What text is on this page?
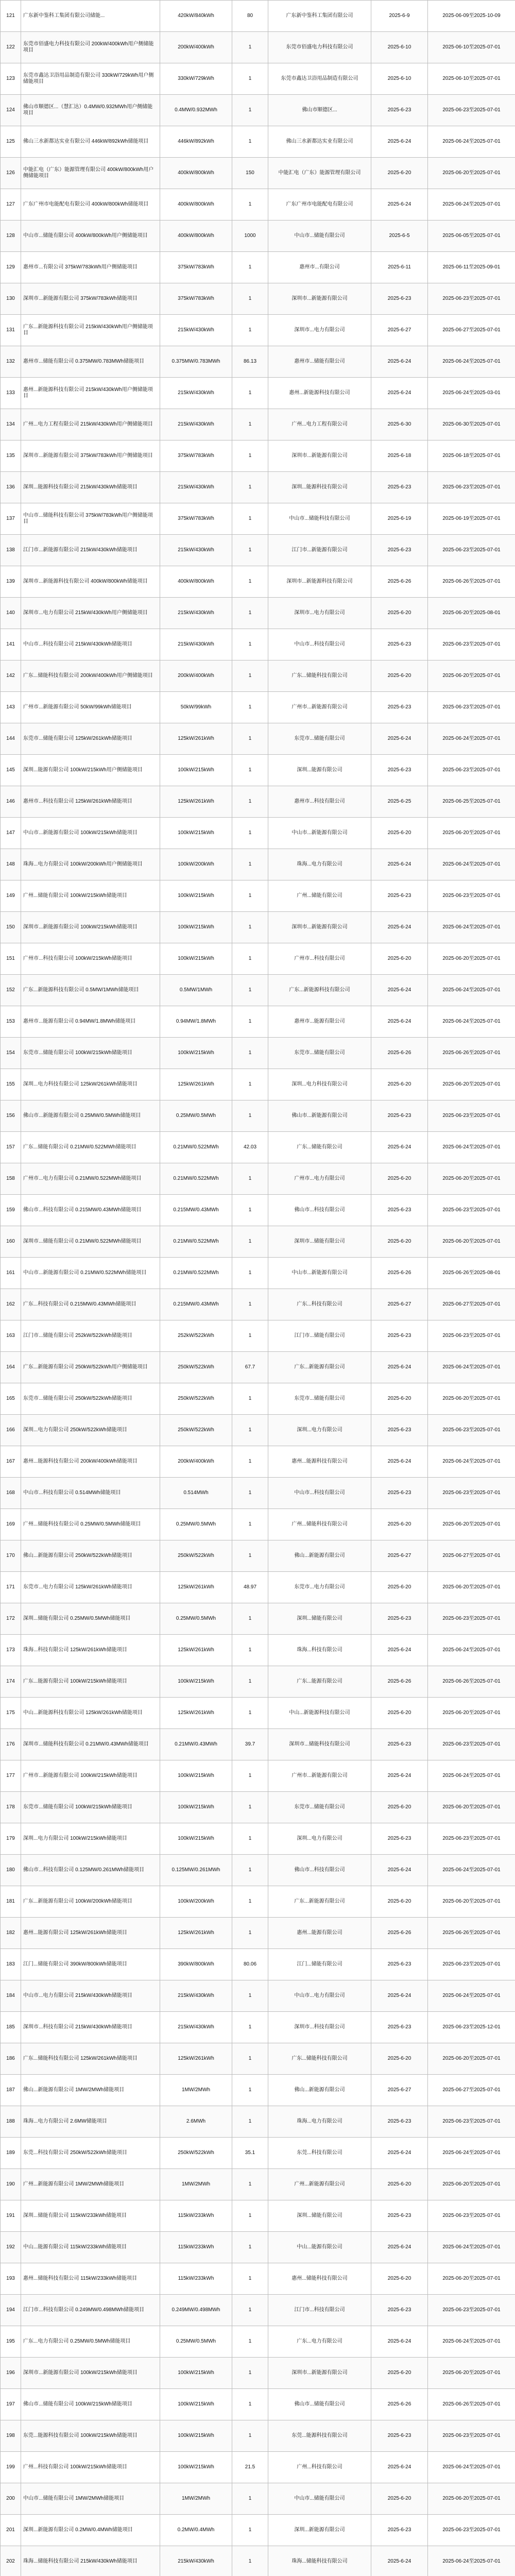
121	广东新中鉴科工集团有限公司储能...	420kW/840kWh	80	广东新中鉴科工集团有限公司	2025-6-9	2025-06-09至2025-10-09
122	东莞市佰盛电力科技有限公司 200kW/400kWh用户侧储能项目	200kW/400kWh	1	东莞市佰盛电力科技有限公司	2025-6-10	2025-06-10至2025-07-01
123	东莞市鑫达卫浴用品制造有限公司 330kW/729kWh用户侧储能项目	330kW/729kWh	1	东莞市鑫达卫浴用品制造有限公司	2025-6-10	2025-06-10至2025-07-01
124	佛山市顺德区...（慧汇达）0.4MW/0.932MWh用户侧储能项目	0.4MW/0.932MWh	1	佛山市顺德区...	2025-6-23	2025-06-23至2025-07-01
125	佛山三水新都达实业有限公司 446kW/892kWh储能项目	446kW/892kWh	1	佛山三水新都达实业有限公司	2025-6-24	2025-06-24至2025-07-01
126	中能汇电（广东）能源管理有限公司 400kW/800kWh用户侧储能项目	400kW/800kWh	150	中能汇电（广东）能源管理有限公司	2025-6-20	2025-06-20至2025-07-01
127	广东广州市电能配电有限公司 400kW/800kWh储能项目	400kW/800kWh	1	广东广州市电能配电有限公司	2025-6-24	2025-06-24至2025-07-01
128	中山市...储能有限公司 400kW/800kWh用户侧储能项目	400kW/800kWh	1000	中山市...储能有限公司	2025-6-5	2025-06-05至2025-07-01
129	惠州市...有限公司 375kW/783kWh用户侧储能项目	375kW/783kWh	1	惠州市...有限公司	2025-6-11	2025-06-11至2025-09-01
130	深圳市...新能源有限公司 375kW/783kWh储能项目	375kW/783kWh	1	深圳市...新能源有限公司	2025-6-23	2025-06-23至2025-07-01
131	广东...新能源科技有限公司 215kW/430kWh用户侧储能项目	215kW/430kWh	1	深圳市...电力有限公司	2025-6-27	2025-06-27至2025-07-01
132	惠州市...储能有限公司 0.375MW/0.783MWh储能项目	0.375MW/0.783MWh	86.13	惠州市...储能有限公司	2025-6-24	2025-06-24至2025-07-01
133	惠州...新能源科技有限公司 215kW/430kWh用户侧储能项目	215kW/430kWh	1	惠州...新能源科技有限公司	2025-6-24	2025-06-24至2025-03-01
134	广州...电力工程有限公司 215kW/430kWh用户侧储能项目	215kW/430kWh	1	广州...电力工程有限公司	2025-6-30	2025-06-30至2025-07-01
135	深圳市...新能源有限公司 375kW/783kWh用户侧储能项目	375kW/783kWh	1	深圳市...新能源有限公司	2025-6-18	2025-06-18至2025-07-01
136	深圳...能源科技有限公司 215kW/430kWh储能项目	215kW/430kWh	1	深圳...能源科技有限公司	2025-6-23	2025-06-23至2025-07-01
137	中山市...储能科技有限公司 375kW/783kWh用户侧储能项目	375kW/783kWh	1	中山市...储能科技有限公司	2025-6-19	2025-06-19至2025-07-01
138	江门市...新能源有限公司 215kW/430kWh储能项目	215kW/430kWh	1	江门市...新能源有限公司	2025-6-23	2025-06-23至2025-07-01
139	深圳市...新能源科技有限公司 400kW/800kWh储能项目	400kW/800kWh	1	深圳市...新能源科技有限公司	2025-6-26	2025-06-26至2025-07-01
140	深圳市...电力有限公司 215kW/430kWh用户侧储能项目	215kW/430kWh	1	深圳市...电力有限公司	2025-6-20	2025-06-20至2025-08-01
141	中山市...科技有限公司 215kW/430kWh储能项目	215kW/430kWh	1	中山市...科技有限公司	2025-6-23	2025-06-23至2025-07-01
142	广东...储能科技有限公司 200kW/400kWh用户侧储能项目	200kW/400kWh	1	广东...储能科技有限公司	2025-6-20	2025-06-20至2025-07-01
143	广州市...新能源有限公司 50kW/99kWh储能项目	50kW/99kWh	1	广州市...新能源有限公司	2025-6-23	2025-06-23至2025-07-01
144	东莞市...储能有限公司 125kW/261kWh储能项目	125kW/261kWh	1	东莞市...储能有限公司	2025-6-24	2025-06-24至2025-07-01
145	深圳...能源有限公司 100kW/215kWh用户侧储能项目	100kW/215kWh	1	深圳...能源有限公司	2025-6-23	2025-06-23至2025-07-01
146	惠州市...科技有限公司 125kW/261kWh储能项目	125kW/261kWh	1	惠州市...科技有限公司	2025-6-25	2025-06-25至2025-07-01
147	中山市...新能源有限公司 100kW/215kWh储能项目	100kW/215kWh	1	中山市...新能源有限公司	2025-6-20	2025-06-20至2025-07-01
148	珠海...电力有限公司 100kW/200kWh用户侧储能项目	100kW/200kWh	1	珠海...电力有限公司	2025-6-24	2025-06-24至2025-07-01
149	广州...储能有限公司 100kW/215kWh储能项目	100kW/215kWh	1	广州...储能有限公司	2025-6-23	2025-06-23至2025-07-01
150	深圳市...新能源有限公司 100kW/215kWh储能项目	100kW/215kWh	1	深圳市...新能源有限公司	2025-6-24	2025-06-24至2025-07-01
151	广州市...科技有限公司 100kW/215kWh储能项目	100kW/215kWh	1	广州市...科技有限公司	2025-6-20	2025-06-20至2025-07-01
152	广东...新能源科技有限公司 0.5MW/1MWh储能项目	0.5MW/1MWh	1	广东...新能源科技有限公司	2025-6-24	2025-06-24至2025-07-01
153	惠州市...能源有限公司 0.94MW/1.8MWh储能项目	0.94MW/1.8MWh	1	惠州市...能源有限公司	2025-6-24	2025-06-24至2025-07-01
154	东莞市...储能有限公司 100kW/215kWh储能项目	100kW/215kWh	1	东莞市...储能有限公司	2025-6-26	2025-06-26至2025-07-01
155	深圳...电力科技有限公司 125kW/261kWh储能项目	125kW/261kWh	1	深圳...电力科技有限公司	2025-6-20	2025-06-20至2025-07-01
156	佛山市...新能源有限公司 0.25MW/0.5MWh储能项目	0.25MW/0.5MWh	1	佛山市...新能源有限公司	2025-6-23	2025-06-23至2025-07-01
157	广东...储能有限公司 0.21MW/0.522MWh储能项目	0.21MW/0.522MWh	42.03	广东...储能有限公司	2025-6-24	2025-06-24至2025-07-01
158	广州市...电力有限公司 0.21MW/0.522MWh储能项目	0.21MW/0.522MWh	1	广州市...电力有限公司	2025-6-20	2025-06-20至2025-07-01
159	佛山市...科技有限公司 0.215MW/0.43MWh储能项目	0.215MW/0.43MWh	1	佛山市...科技有限公司	2025-6-23	2025-06-23至2025-07-01
160	深圳市...储能有限公司 0.21MW/0.522MWh储能项目	0.21MW/0.522MWh	1	深圳市...储能有限公司	2025-6-20	2025-06-20至2025-07-01
161	中山市...新能源有限公司 0.21MW/0.522MWh储能项目	0.21MW/0.522MWh	1	中山市...新能源有限公司	2025-6-26	2025-06-26至2025-08-01
162	广东...科技有限公司 0.215MW/0.43MWh储能项目	0.215MW/0.43MWh	1	广东...科技有限公司	2025-6-27	2025-06-27至2025-07-01
163	江门市...储能有限公司 252kW/522kWh储能项目	252kW/522kWh	1	江门市...储能有限公司	2025-6-23	2025-06-23至2025-07-01
164	广东...新能源有限公司 250kW/522kWh用户侧储能项目	250kW/522kWh	67.7	广东...新能源有限公司	2025-6-24	2025-06-24至2025-07-01
165	东莞市...储能有限公司 250kW/522kWh储能项目	250kW/522kWh	1	东莞市...储能有限公司	2025-6-20	2025-06-20至2025-07-01
166	深圳...电力有限公司 250kW/522kWh储能项目	250kW/522kWh	1	深圳...电力有限公司	2025-6-23	2025-06-23至2025-07-01
167	惠州...能源科技有限公司 200kW/400kWh储能项目	200kW/400kWh	1	惠州...能源科技有限公司	2025-6-24	2025-06-24至2025-07-01
168	中山市...科技有限公司 0.514MWh储能项目	0.514MWh	1	中山市...科技有限公司	2025-6-23	2025-06-23至2025-07-01
169	广州...储能科技有限公司 0.25MW/0.5MWh储能项目	0.25MW/0.5MWh	1	广州...储能科技有限公司	2025-6-20	2025-06-20至2025-07-01
170	佛山...新能源有限公司 250kW/522kWh储能项目	250kW/522kWh	1	佛山...新能源有限公司	2025-6-27	2025-06-27至2025-07-01
171	东莞市...电力有限公司 125kW/261kWh储能项目	125kW/261kWh	48.97	东莞市...电力有限公司	2025-6-20	2025-06-20至2025-07-01
172	深圳...储能有限公司 0.25MW/0.5MWh储能项目	0.25MW/0.5MWh	1	深圳...储能有限公司	2025-6-23	2025-06-23至2025-07-01
173	珠海...科技有限公司 125kW/261kWh储能项目	125kW/261kWh	1	珠海...科技有限公司	2025-6-24	2025-06-24至2025-07-01
174	广东...能源有限公司 100kW/215kWh储能项目	100kW/215kWh	1	广东...能源有限公司	2025-6-26	2025-06-26至2025-07-01
175	中山...新能源科技有限公司 125kW/261kWh储能项目	125kW/261kWh	1	中山...新能源科技有限公司	2025-6-20	2025-06-20至2025-07-01
176	深圳市...储能科技有限公司 0.21MW/0.43MWh储能项目	0.21MW/0.43MWh	39.7	深圳市...储能科技有限公司	2025-6-23	2025-06-23至2025-07-01
177	广州市...新能源有限公司 100kW/215kWh储能项目	100kW/215kWh	1	广州市...新能源有限公司	2025-6-24	2025-06-24至2025-07-01
178	东莞市...储能有限公司 100kW/215kWh储能项目	100kW/215kWh	1	东莞市...储能有限公司	2025-6-20	2025-06-20至2025-07-01
179	深圳...电力有限公司 100kW/215kWh储能项目	100kW/215kWh	1	深圳...电力有限公司	2025-6-23	2025-06-23至2025-07-01
180	佛山市...科技有限公司 0.125MW/0.261MWh储能项目	0.125MW/0.261MWh	1	佛山市...科技有限公司	2025-6-24	2025-06-24至2025-07-01
181	广东...新能源有限公司 100kW/200kWh储能项目	100kW/200kWh	1	广东...新能源有限公司	2025-6-20	2025-06-20至2025-07-01
182	惠州...能源有限公司 125kW/261kWh储能项目	125kW/261kWh	1	惠州...能源有限公司	2025-6-26	2025-06-26至2025-07-01
183	江门...储能有限公司 390kW/800kWh储能项目	390kW/800kWh	80.06	江门...储能有限公司	2025-6-23	2025-06-23至2025-07-01
184	中山市...电力有限公司 215kW/430kWh储能项目	215kW/430kWh	1	中山市...电力有限公司	2025-6-24	2025-06-24至2025-07-01
185	深圳市...科技有限公司 215kW/430kWh储能项目	215kW/430kWh	1	深圳市...科技有限公司	2025-6-23	2025-06-23至2025-12-01
186	广东...储能科技有限公司 125kW/261kWh储能项目	125kW/261kWh	1	广东...储能科技有限公司	2025-6-20	2025-06-20至2025-07-01
187	佛山...新能源有限公司 1MW/2MWh储能项目	1MW/2MWh	1	佛山...新能源有限公司	2025-6-27	2025-06-27至2025-07-01
188	珠海...电力有限公司 2.6MW储能项目	2.6MWh	1	珠海...电力有限公司	2025-6-23	2025-06-23至2025-07-01
189	东莞...科技有限公司 250kW/522kWh储能项目	250kW/522kWh	35.1	东莞...科技有限公司	2025-6-24	2025-06-24至2025-07-01
190	广州...新能源有限公司 1MW/2MWh储能项目	1MW/2MWh	1	广州...新能源有限公司	2025-6-20	2025-06-20至2025-07-01
191	深圳...储能有限公司 115kW/233kWh储能项目	115kW/233kWh	1	深圳...储能有限公司	2025-6-23	2025-06-23至2025-07-01
192	中山...能源有限公司 115kW/233kWh储能项目	115kW/233kWh	1	中山...能源有限公司	2025-6-24	2025-06-24至2025-07-01
193	惠州...储能科技有限公司 115kW/233kWh储能项目	115kW/233kWh	1	惠州...储能科技有限公司	2025-6-20	2025-06-20至2025-07-01
194	江门市...科技有限公司 0.249MW/0.498MWh储能项目	0.249MW/0.498MWh	1	江门市...科技有限公司	2025-6-23	2025-06-23至2025-07-01
195	广东...电力有限公司 0.25MW/0.5MWh储能项目	0.25MW/0.5MWh	1	广东...电力有限公司	2025-6-24	2025-06-24至2025-07-01
196	深圳市...新能源有限公司 100kW/215kWh储能项目	100kW/215kWh	1	深圳市...新能源有限公司	2025-6-20	2025-06-20至2025-07-01
197	佛山市...储能有限公司 100kW/215kWh储能项目	100kW/215kWh	1	佛山市...储能有限公司	2025-6-26	2025-06-26至2025-07-01
198	东莞...能源科技有限公司 100kW/215kWh储能项目	100kW/215kWh	1	东莞...能源科技有限公司	2025-6-23	2025-06-23至2025-07-01
199	广州...科技有限公司 100kW/215kWh储能项目	100kW/215kWh	21.5	广州...科技有限公司	2025-6-24	2025-06-24至2025-07-01
200	中山市...储能有限公司 1MW/2MWh储能项目	1MW/2MWh	1	中山市...储能有限公司	2025-6-20	2025-06-20至2025-07-01
201	深圳...新能源有限公司 0.2MW/0.4MWh储能项目	0.2MW/0.4MWh	1	深圳...新能源有限公司	2025-6-23	2025-06-23至2025-07-01
202	珠海...储能科技有限公司 215kW/430kWh储能项目	215kW/430kWh	1	珠海...储能科技有限公司	2025-6-24	2025-06-24至2025-07-01
